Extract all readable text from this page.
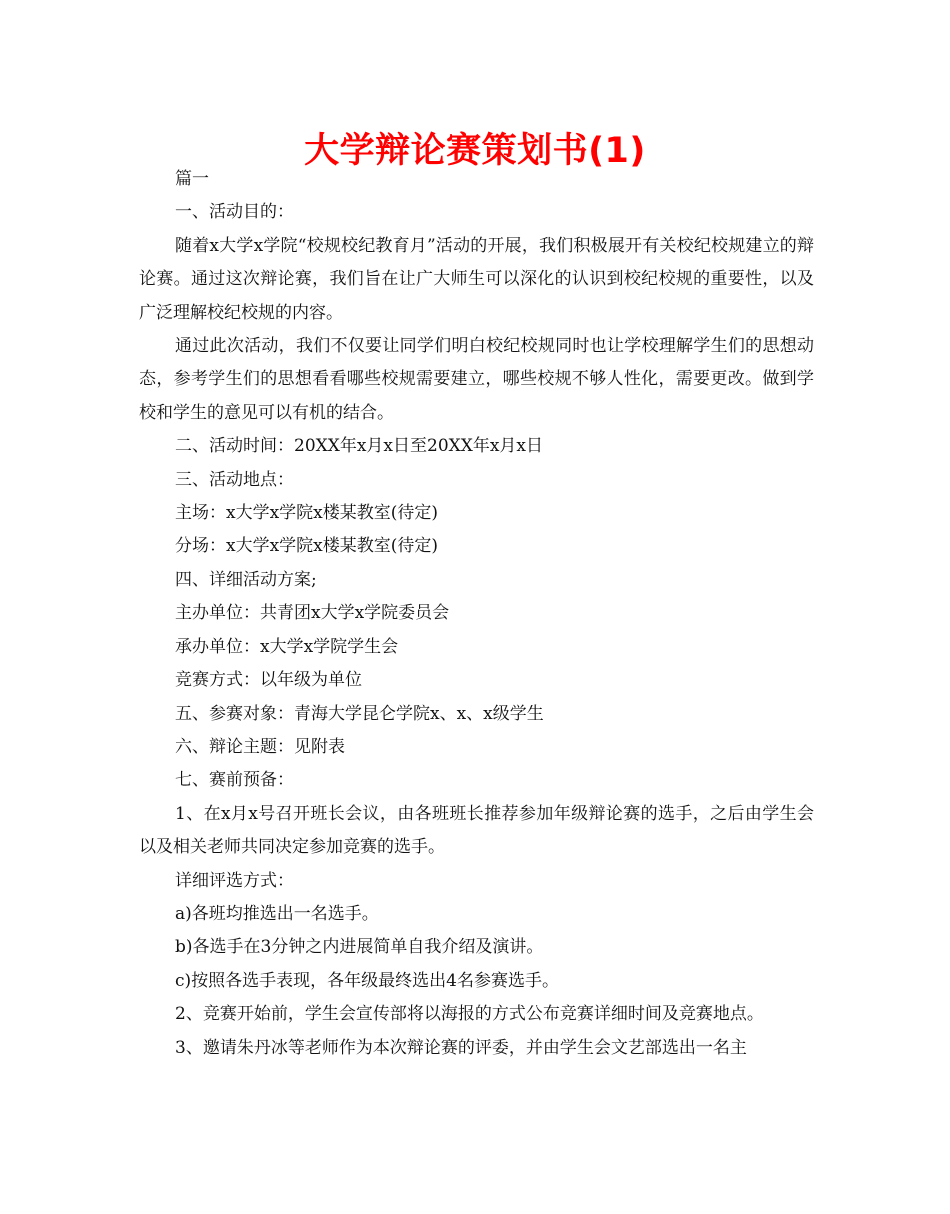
大学辩论赛策划书(1)

篇一

一、活动目的：

随着x大学x学院“校规校纪教育月”活动的开展，我们积极展开有关校纪校规建立的辩论赛。通过这次辩论赛，我们旨在让广大师生可以深化的认识到校纪校规的重要性，以及广泛理解校纪校规的内容。

通过此次活动，我们不仅要让同学们明白校纪校规同时也让学校理解学生们的思想动态，参考学生们的思想看看哪些校规需要建立，哪些校规不够人性化，需要更改。做到学校和学生的意见可以有机的结合。

二、活动时间：20XX年x月x日至20XX年x月x日

三、活动地点：

主场：x大学x学院x楼某教室(待定)

分场：x大学x学院x楼某教室(待定)

四、详细活动方案;

主办单位：共青团x大学x学院委员会

承办单位：x大学x学院学生会

竞赛方式：以年级为单位

五、参赛对象：青海大学昆仑学院x、x、x级学生

六、辩论主题：见附表

七、赛前预备：

1、在x月x号召开班长会议，由各班班长推荐参加年级辩论赛的选手，之后由学生会以及相关老师共同决定参加竞赛的选手。

详细评选方式：

a)各班均推选出一名选手。

b)各选手在3分钟之内进展简单自我介绍及演讲。

c)按照各选手表现，各年级最终选出4名参赛选手。

2、竞赛开始前，学生会宣传部将以海报的方式公布竞赛详细时间及竞赛地点。

3、邀请朱丹冰等老师作为本次辩论赛的评委，并由学生会文艺部选出一名主
